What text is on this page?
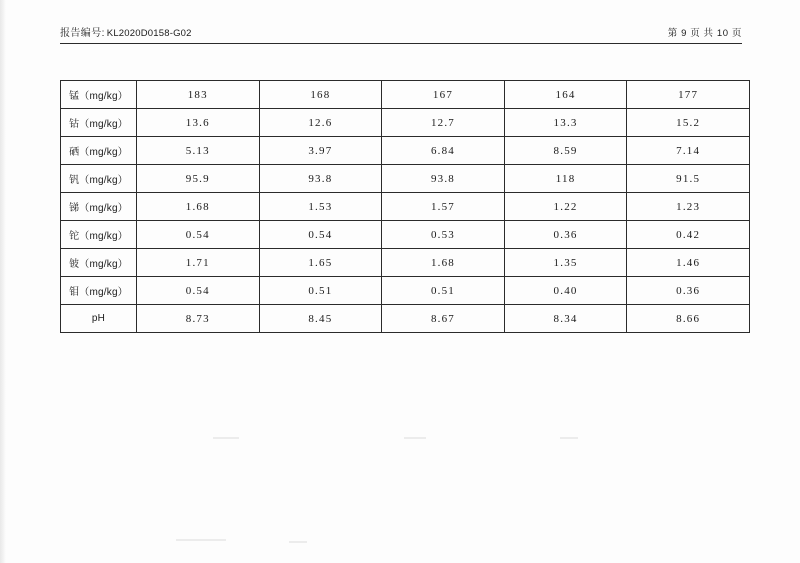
报告编号: KL2020D0158-G02	第 9 页 共 10 页
锰（mg/kg）	183	168	167	164	177
钴（mg/kg）	13.6	12.6	12.7	13.3	15.2
硒（mg/kg）	5.13	3.97	6.84	8.59	7.14
钒（mg/kg）	95.9	93.8	93.8	118	91.5
锑（mg/kg）	1.68	1.53	1.57	1.22	1.23
铊（mg/kg）	0.54	0.54	0.53	0.36	0.42
铍（mg/kg）	1.71	1.65	1.68	1.35	1.46
钼（mg/kg）	0.54	0.51	0.51	0.40	0.36
pH	8.73	8.45	8.67	8.34	8.66
